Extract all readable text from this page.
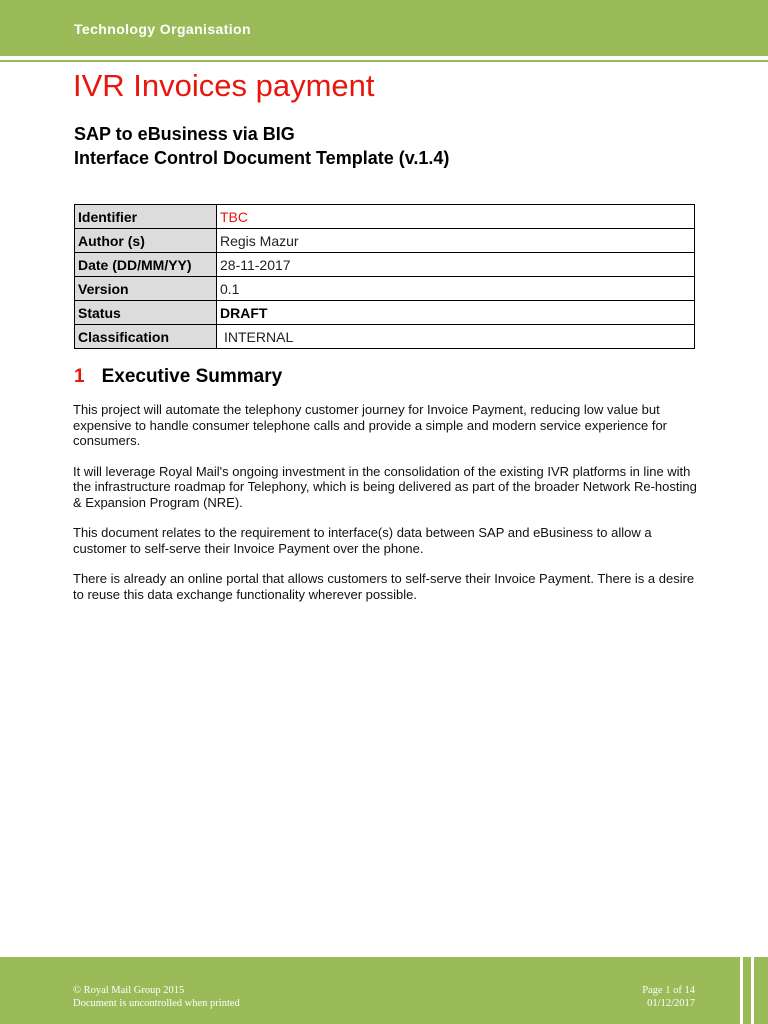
Technology Organisation
IVR Invoices payment
SAP to eBusiness via BIG
Interface Control Document Template (v.1.4)
Identifier	TBC
Author (s)	Regis Mazur
Date (DD/MM/YY)	28-11-2017
Version	0.1
Status	DRAFT
Classification	INTERNAL
1 Executive Summary

This project will automate the telephony customer journey for Invoice Payment, reducing low value but expensive to handle consumer telephone calls and provide a simple and modern service experience for consumers.

It will leverage Royal Mail's ongoing investment in the consolidation of the existing IVR platforms in line with the infrastructure roadmap for Telephony, which is being delivered as part of the broader Network Re-hosting & Expansion Program (NRE).

This document relates to the requirement to interface(s) data between SAP and eBusiness to allow a customer to self-serve their Invoice Payment over the phone.

There is already an online portal that allows customers to self-serve their Invoice Payment. There is a desire to reuse this data exchange functionality wherever possible.

© Royal Mail Group 2015
Document is uncontrolled when printed
Page 1 of 14
01/12/2017
